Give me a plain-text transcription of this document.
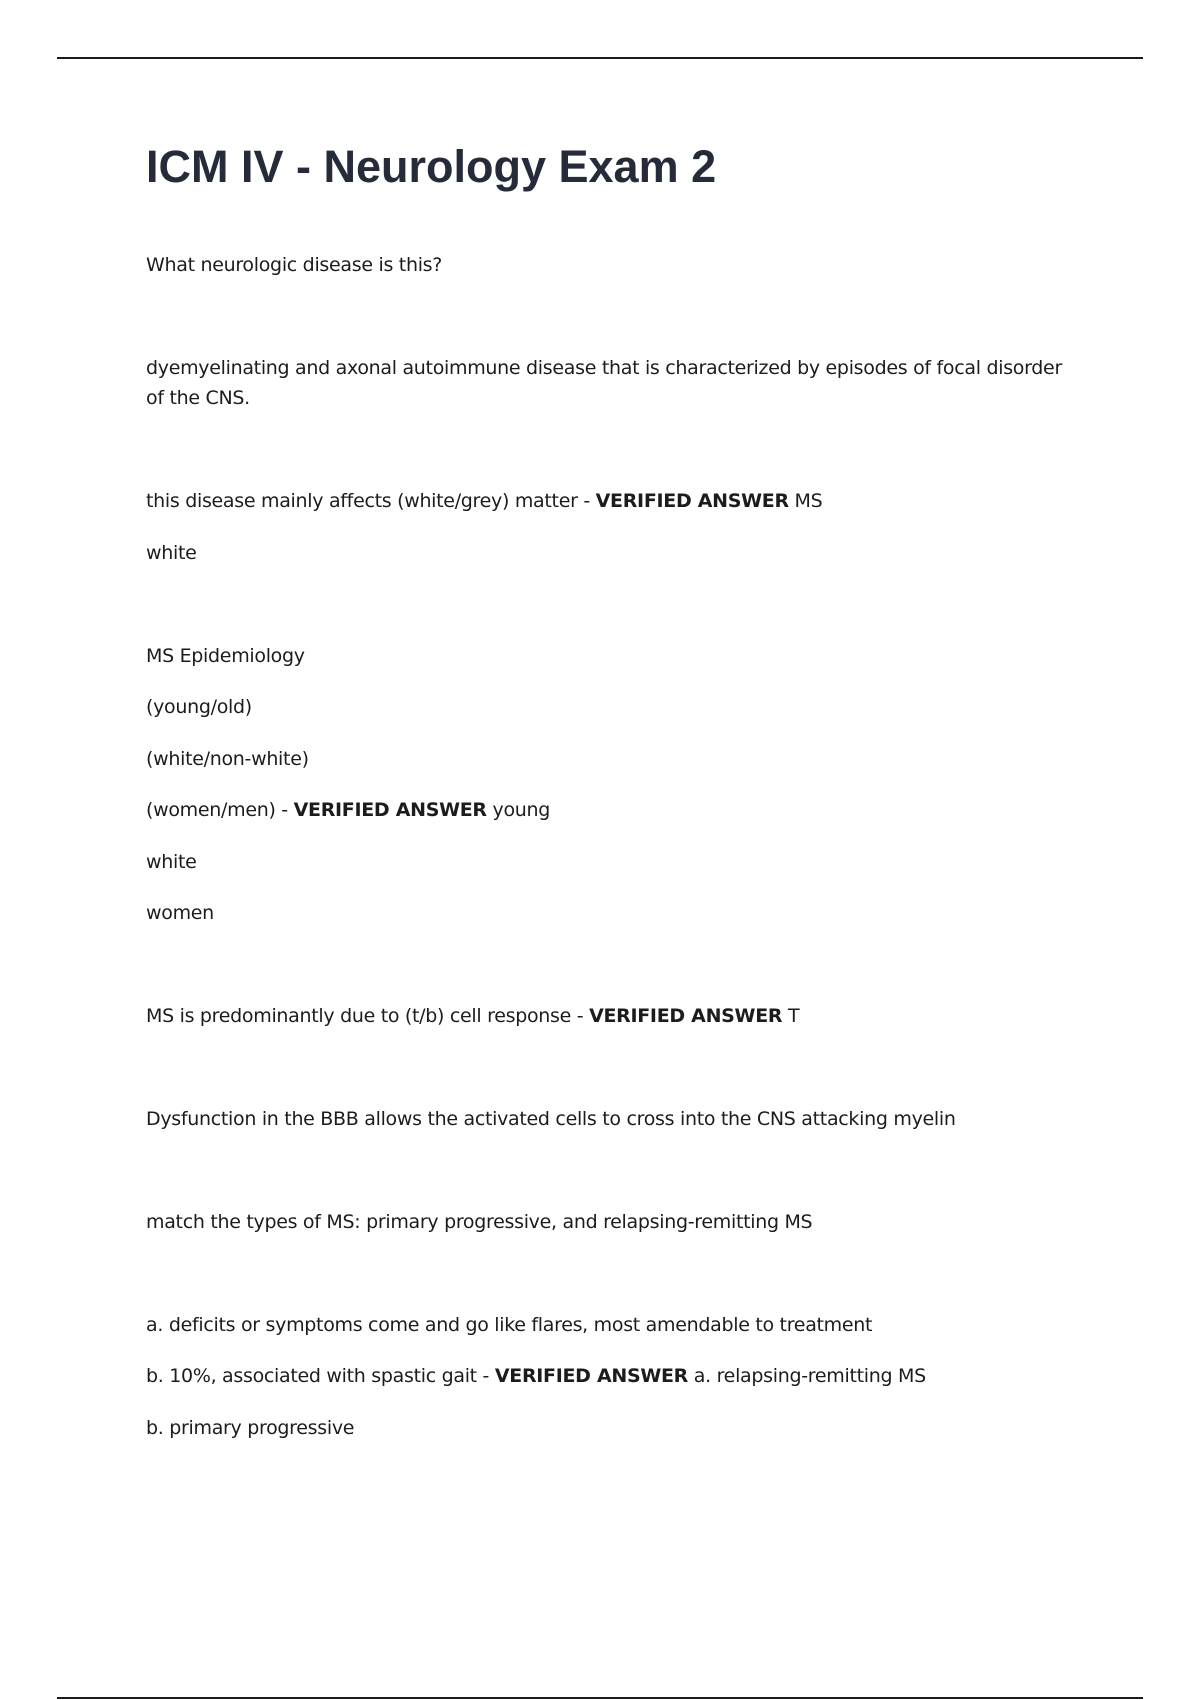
ICM IV - Neurology Exam 2

What neurologic disease is this?

dyemyelinating and axonal autoimmune disease that is characterized by episodes of focal disorder of the CNS.

this disease mainly affects (white/grey) matter - VERIFIED ANSWER MS

white

MS Epidemiology

(young/old)

(white/non-white)

(women/men) - VERIFIED ANSWER young

white

women

MS is predominantly due to (t/b) cell response - VERIFIED ANSWER T

Dysfunction in the BBB allows the activated cells to cross into the CNS attacking myelin

match the types of MS: primary progressive, and relapsing-remitting MS

a. deficits or symptoms come and go like flares, most amendable to treatment

b. 10%, associated with spastic gait - VERIFIED ANSWER a. relapsing-remitting MS

b. primary progressive
